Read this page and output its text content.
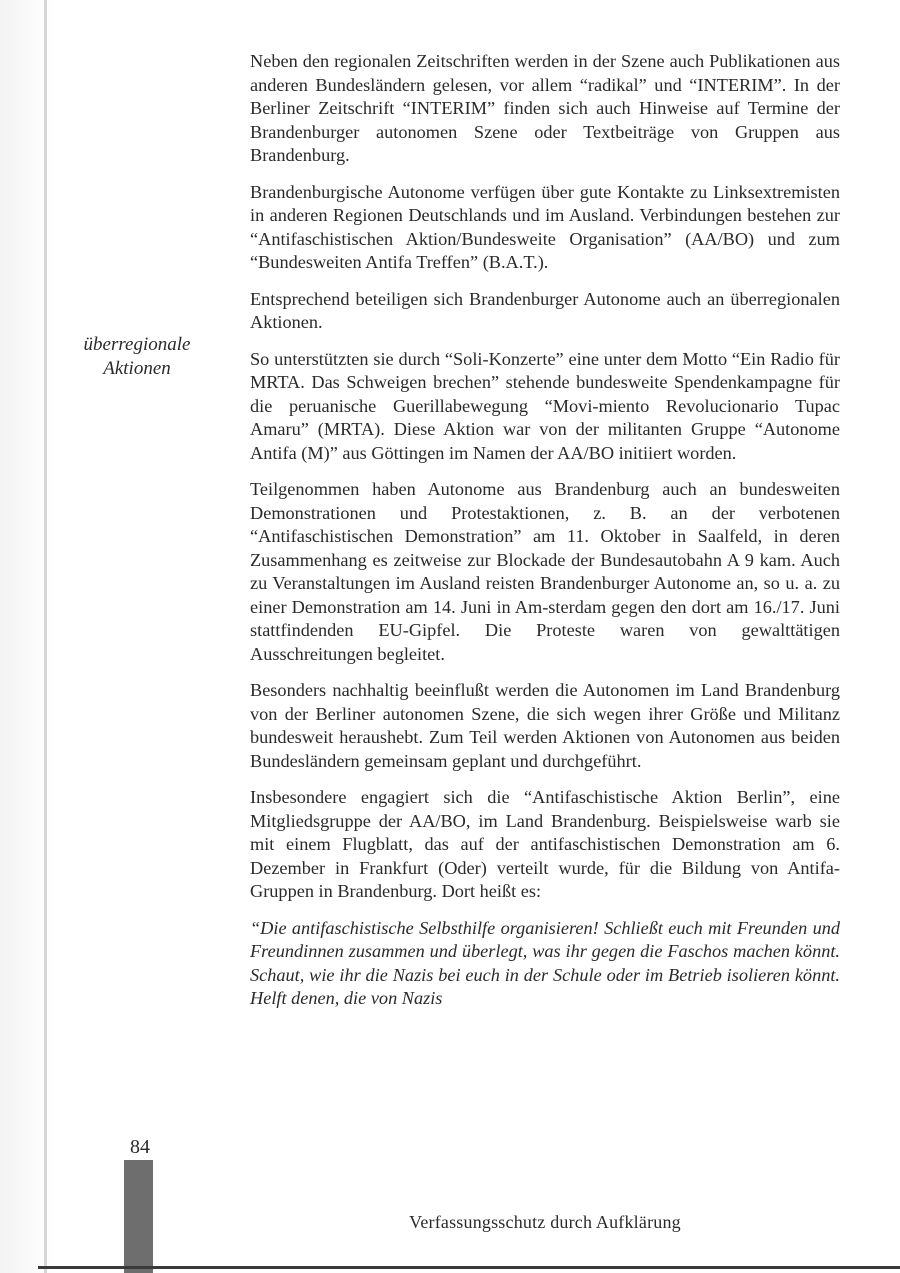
überregionale Aktionen

Neben den regionalen Zeitschriften werden in der Szene auch Publikationen aus anderen Bundesländern gelesen, vor allem “radikal” und “INTERIM”. In der Berliner Zeitschrift “INTERIM” finden sich auch Hinweise auf Termine der Brandenburger autonomen Szene oder Textbeiträge von Gruppen aus Brandenburg.

Brandenburgische Autonome verfügen über gute Kontakte zu Linksextremisten in anderen Regionen Deutschlands und im Ausland. Verbindungen bestehen zur “Antifaschistischen Aktion/Bundesweite Organisation” (AA/BO) und zum “Bundesweiten Antifa Treffen” (B.A.T.).

Entsprechend beteiligen sich Brandenburger Autonome auch an überregionalen Aktionen.

So unterstützten sie durch “Soli-Konzerte” eine unter dem Motto “Ein Radio für MRTA. Das Schweigen brechen” stehende bundesweite Spendenkampagne für die peruanische Guerillabewegung “Movi-miento Revolucionario Tupac Amaru” (MRTA). Diese Aktion war von der militanten Gruppe “Autonome Antifa (M)” aus Göttingen im Namen der AA/BO initiiert worden.

Teilgenommen haben Autonome aus Brandenburg auch an bundesweiten Demonstrationen und Protestaktionen, z. B. an der verbotenen “Antifaschistischen Demonstration” am 11. Oktober in Saalfeld, in deren Zusammenhang es zeitweise zur Blockade der Bundesautobahn A 9 kam. Auch zu Veranstaltungen im Ausland reisten Brandenburger Autonome an, so u. a. zu einer Demonstration am 14. Juni in Am-sterdam gegen den dort am 16./17. Juni stattfindenden EU-Gipfel. Die Proteste waren von gewalttätigen Ausschreitungen begleitet.

Besonders nachhaltig beeinflußt werden die Autonomen im Land Brandenburg von der Berliner autonomen Szene, die sich wegen ihrer Größe und Militanz bundesweit heraushebt. Zum Teil werden Aktionen von Autonomen aus beiden Bundesländern gemeinsam geplant und durchgeführt.

Insbesondere engagiert sich die “Antifaschistische Aktion Berlin”, eine Mitgliedsgruppe der AA/BO, im Land Brandenburg. Beispielsweise warb sie mit einem Flugblatt, das auf der antifaschistischen Demonstration am 6. Dezember in Frankfurt (Oder) verteilt wurde, für die Bildung von Antifa-Gruppen in Brandenburg. Dort heißt es:

“Die antifaschistische Selbsthilfe organisieren! Schließt euch mit Freunden und Freundinnen zusammen und überlegt, was ihr gegen die Faschos machen könnt. Schaut, wie ihr die Nazis bei euch in der Schule oder im Betrieb isolieren könnt. Helft denen, die von Nazis

84
Verfassungsschutz durch Aufklärung
